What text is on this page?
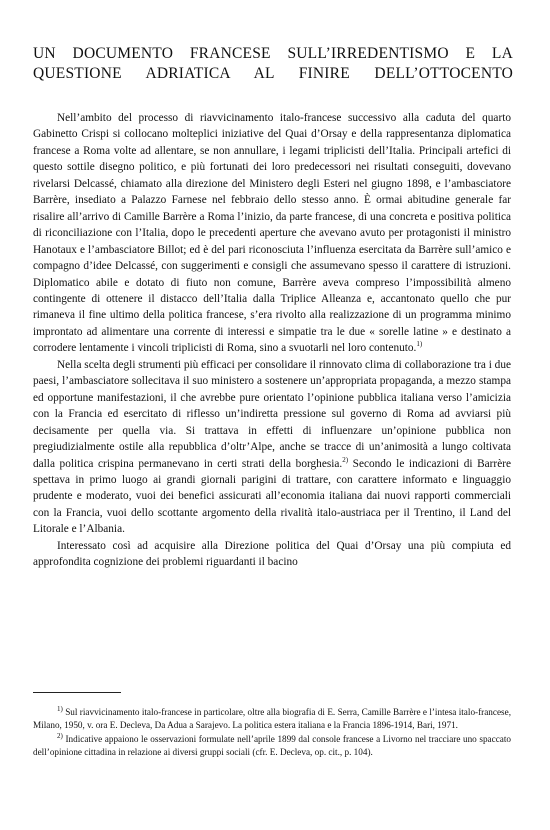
UN DOCUMENTO FRANCESE SULL’IRREDENTISMO E LA
QUESTIONE ADRIATICA AL FINIRE DELL’OTTOCENTO

Nell’ambito del processo di riavvicinamento italo-francese successivo alla caduta del quarto Gabinetto Crispi si collocano molteplici iniziative del Quai d’Orsay e della rappresentanza diplomatica francese a Roma volte ad allentare, se non annullare, i legami triplicisti dell’Italia. Principali artefici di questo sottile disegno politico, e più fortunati dei loro predecessori nei risultati conseguiti, dovevano rivelarsi Delcassé, chiamato alla direzione del Ministero degli Esteri nel giugno 1898, e l’ambasciatore Barrère, insediato a Palazzo Farnese nel febbraio dello stesso anno. È ormai abitudine generale far risalire all’arrivo di Camille Barrère a Roma l’inizio, da parte francese, di una concreta e positiva politica di riconciliazione con l’Italia, dopo le precedenti aperture che avevano avuto per protagonisti il ministro Hanotaux e l’ambasciatore Billot; ed è del pari riconosciuta l’influenza esercitata da Barrère sull’amico e compagno d’idee Delcassé, con suggerimenti e consigli che assumevano spesso il carattere di istruzioni. Diplomatico abile e dotato di fiuto non comune, Barrère aveva compreso l’impossibilità almeno contingente di ottenere il distacco dell’Italia dalla Triplice Alleanza e, accantonato quello che pur rimaneva il fine ultimo della politica francese, s’era rivolto alla realizzazione di un programma minimo improntato ad alimentare una corrente di interessi e simpatie tra le due « sorelle latine » e destinato a corrodere lentamente i vincoli triplicisti di Roma, sino a svuotarli nel loro contenuto.$^{1)}$

Nella scelta degli strumenti più efficaci per consolidare il rinnovato clima di collaborazione tra i due paesi, l’ambasciatore sollecitava il suo ministero a sostenere un’appropriata propaganda, a mezzo stampa ed opportune manifestazioni, il che avrebbe pure orientato l’opinione pubblica italiana verso l’amicizia con la Francia ed esercitato di riflesso un’indiretta pressione sul governo di Roma ad avviarsi più decisamente per quella via. Si trattava in effetti di influenzare un’opinione pubblica non pregiudizialmente ostile alla repubblica d’oltr’Alpe, anche se tracce di un’animosità a lungo coltivata dalla politica crispina permanevano in certi strati della borghesia.$^{2)}$ Secondo le indicazioni di Barrère spettava in primo luogo ai grandi giornali parigini di trattare, con carattere informato e linguaggio prudente e moderato, vuoi dei benefici assicurati all’economia italiana dai nuovi rapporti commerciali con la Francia, vuoi dello scottante argomento della rivalità italo-austriaca per il Trentino, il Land del Litorale e l’Albania.

Interessato così ad acquisire alla Direzione politica del Quai d’Orsay una più compiuta ed approfondita cognizione dei problemi riguardanti il bacino

$^{1)}$ Sul riavvicinamento italo-francese in particolare, oltre alla biografia di E. Serra, Camille Barrère e l’intesa italo-francese, Milano, 1950, v. ora E. Decleva, Da Adua a Sarajevo. La politica estera italiana e la Francia 1896-1914, Bari, 1971.

$^{2)}$ Indicative appaiono le osservazioni formulate nell’aprile 1899 dal console francese a Livorno nel tracciare uno spaccato dell’opinione cittadina in relazione ai diversi gruppi sociali (cfr. E. Decleva, op. cit., p. 104).
